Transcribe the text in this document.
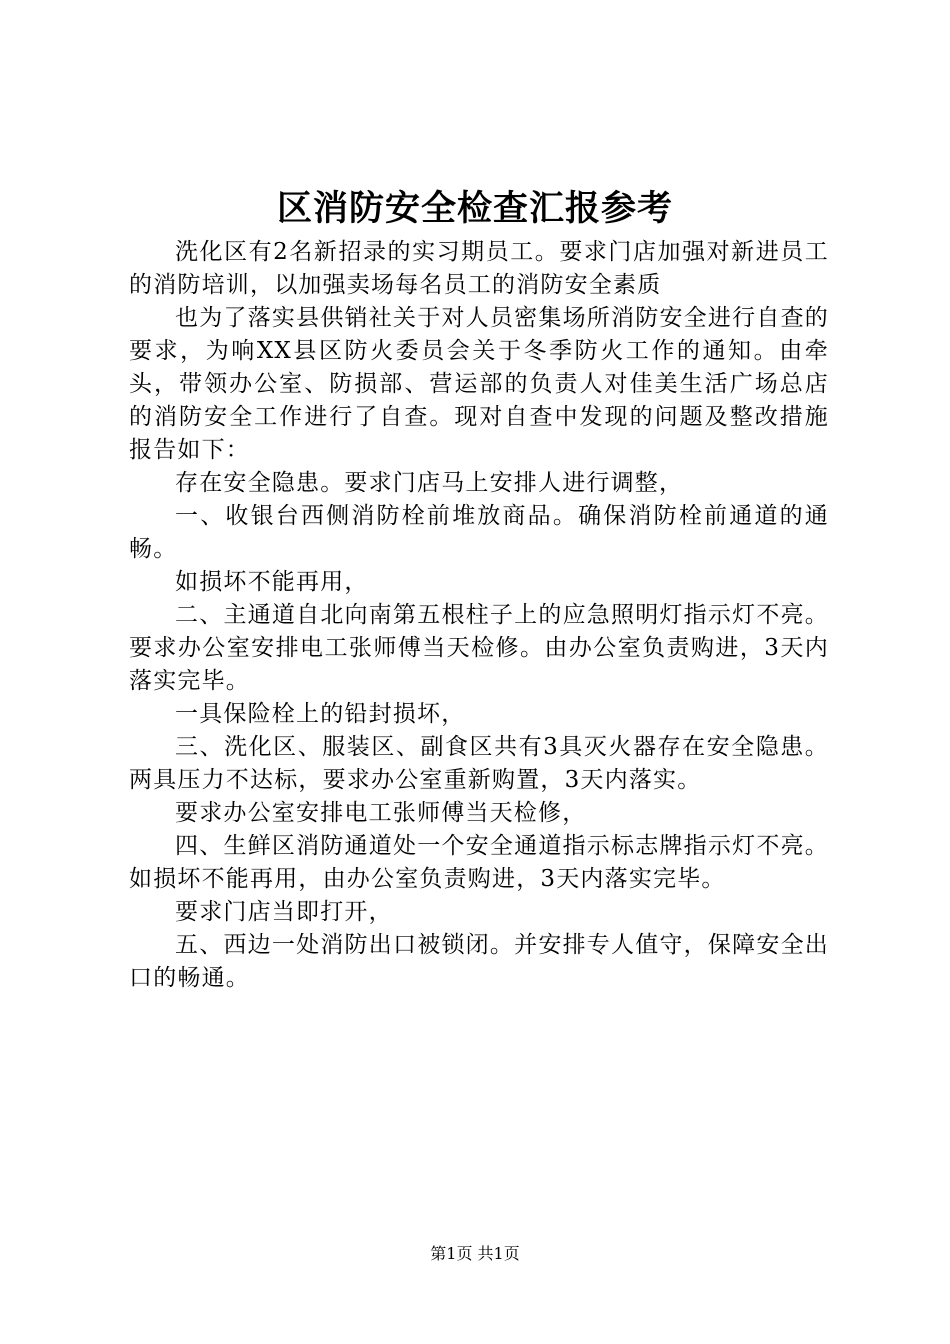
区消防安全检查汇报参考

洗化区有2名新招录的实习期员工。要求门店加强对新进员工的消防培训，以加强卖场每名员工的消防安全素质

也为了落实县供销社关于对人员密集场所消防安全进行自查的要求，为响XX县区防火委员会关于冬季防火工作的通知。由牵头，带领办公室、防损部、营运部的负责人对佳美生活广场总店的消防安全工作进行了自查。现对自查中发现的问题及整改措施报告如下：

存在安全隐患。要求门店马上安排人进行调整，

一、收银台西侧消防栓前堆放商品。确保消防栓前通道的通畅。

如损坏不能再用，

二、主通道自北向南第五根柱子上的应急照明灯指示灯不亮。要求办公室安排电工张师傅当天检修。由办公室负责购进，3天内落实完毕。

一具保险栓上的铅封损坏，

三、洗化区、服装区、副食区共有3具灭火器存在安全隐患。两具压力不达标，要求办公室重新购置，3天内落实。

要求办公室安排电工张师傅当天检修，

四、生鲜区消防通道处一个安全通道指示标志牌指示灯不亮。如损坏不能再用，由办公室负责购进，3天内落实完毕。

要求门店当即打开，

五、西边一处消防出口被锁闭。并安排专人值守，保障安全出口的畅通。

第1页 共1页
